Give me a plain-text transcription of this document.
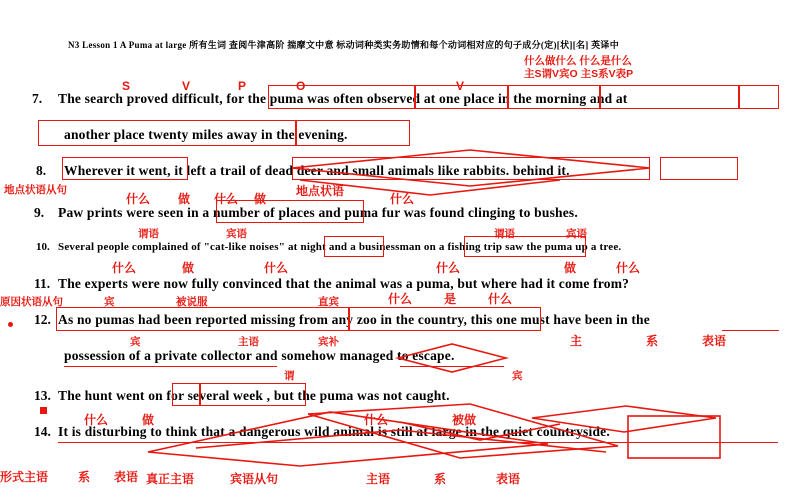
N3 Lesson 1 A Puma at large 所有生词 查阅牛津高阶 揣摩文中意 标动词种类实务助情和每个动词相对应的句子成分(定)[状][名] 英译中
什么做什么 什么是什么
主S谓V宾O 主S系V表P
S	V	P	O	V
7. The search proved difficult, for the puma was often observed at one place in the morning and at
another place twenty miles away in the evening.
8. Wherever it went, it left a trail of dead deer and small animals like rabbits. behind it.
地点状语从句
什么 做 什么 做
地点状语
什么
9. Paw prints were seen in a number of places and puma fur was found clinging to bushes.
谓语	宾语	谓语	宾语
10. Several people complained of "cat-like noises" at night and a businessman on a fishing trip saw the puma up a tree.
什么	做	什么	什么	做	什么
11. The experts were now fully convinced that the animal was a puma, but where had it come from?
原因状语从句	宾	被说服	直宾	什么	是	什么
12. As no pumas had been reported missing from any zoo in the country, this one must have been in the
possession of a private collector and somehow managed to escape.
宾	主语	宾补	主	系	表语
谓	宾
13. The hunt went on for several week , but the puma was not caught.
什么	做	什么	被做
14. It is disturbing to think that a dangerous wild animal is still at large in the quiet countryside.
形式主语 系 表语 真正主语	宾语从句	主语	系	表语
